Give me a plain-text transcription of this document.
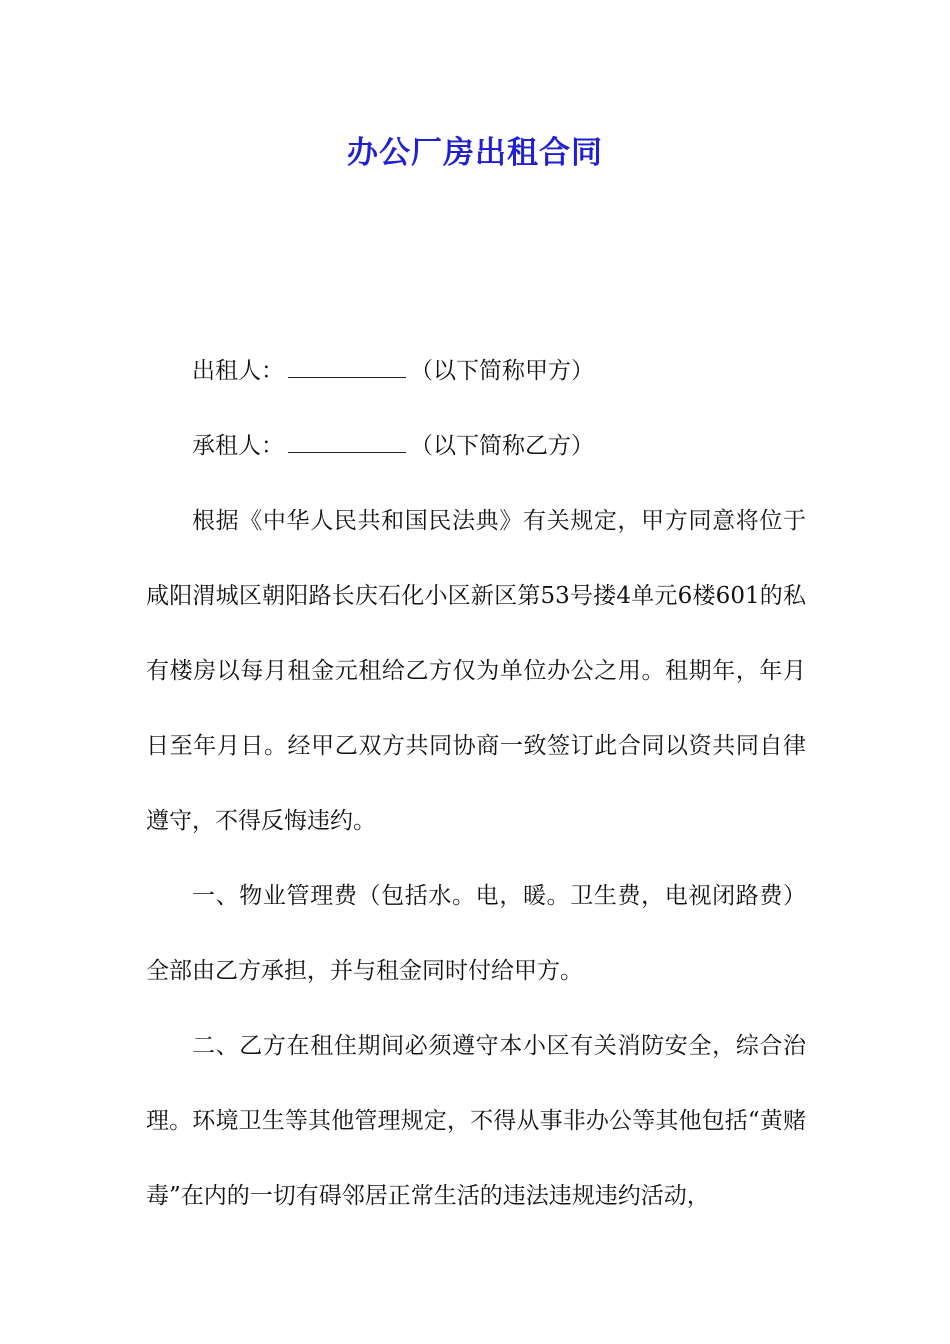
办公厂房出租合同

出租人：	（以下简称甲方）

承租人：	（以下简称乙方）

根据《中华人民共和国民法典》有关规定，甲方同意将位于咸阳渭城区朝阳路长庆石化小区新区第53号搂4单元6楼601的私有楼房以每月租金元租给乙方仅为单位办公之用。租期年，年月日至年月日。经甲乙双方共同协商一致签订此合同以资共同自律遵守，不得反悔违约。

一、物业管理费（包括水。电，暖。卫生费，电视闭路费）全部由乙方承担，并与租金同时付给甲方。

二、乙方在租住期间必须遵守本小区有关消防安全，综合治理。环境卫生等其他管理规定，不得从事非办公等其他包括“黄赌毒”在内的一切有碍邻居正常生活的违法违规违约活动，
